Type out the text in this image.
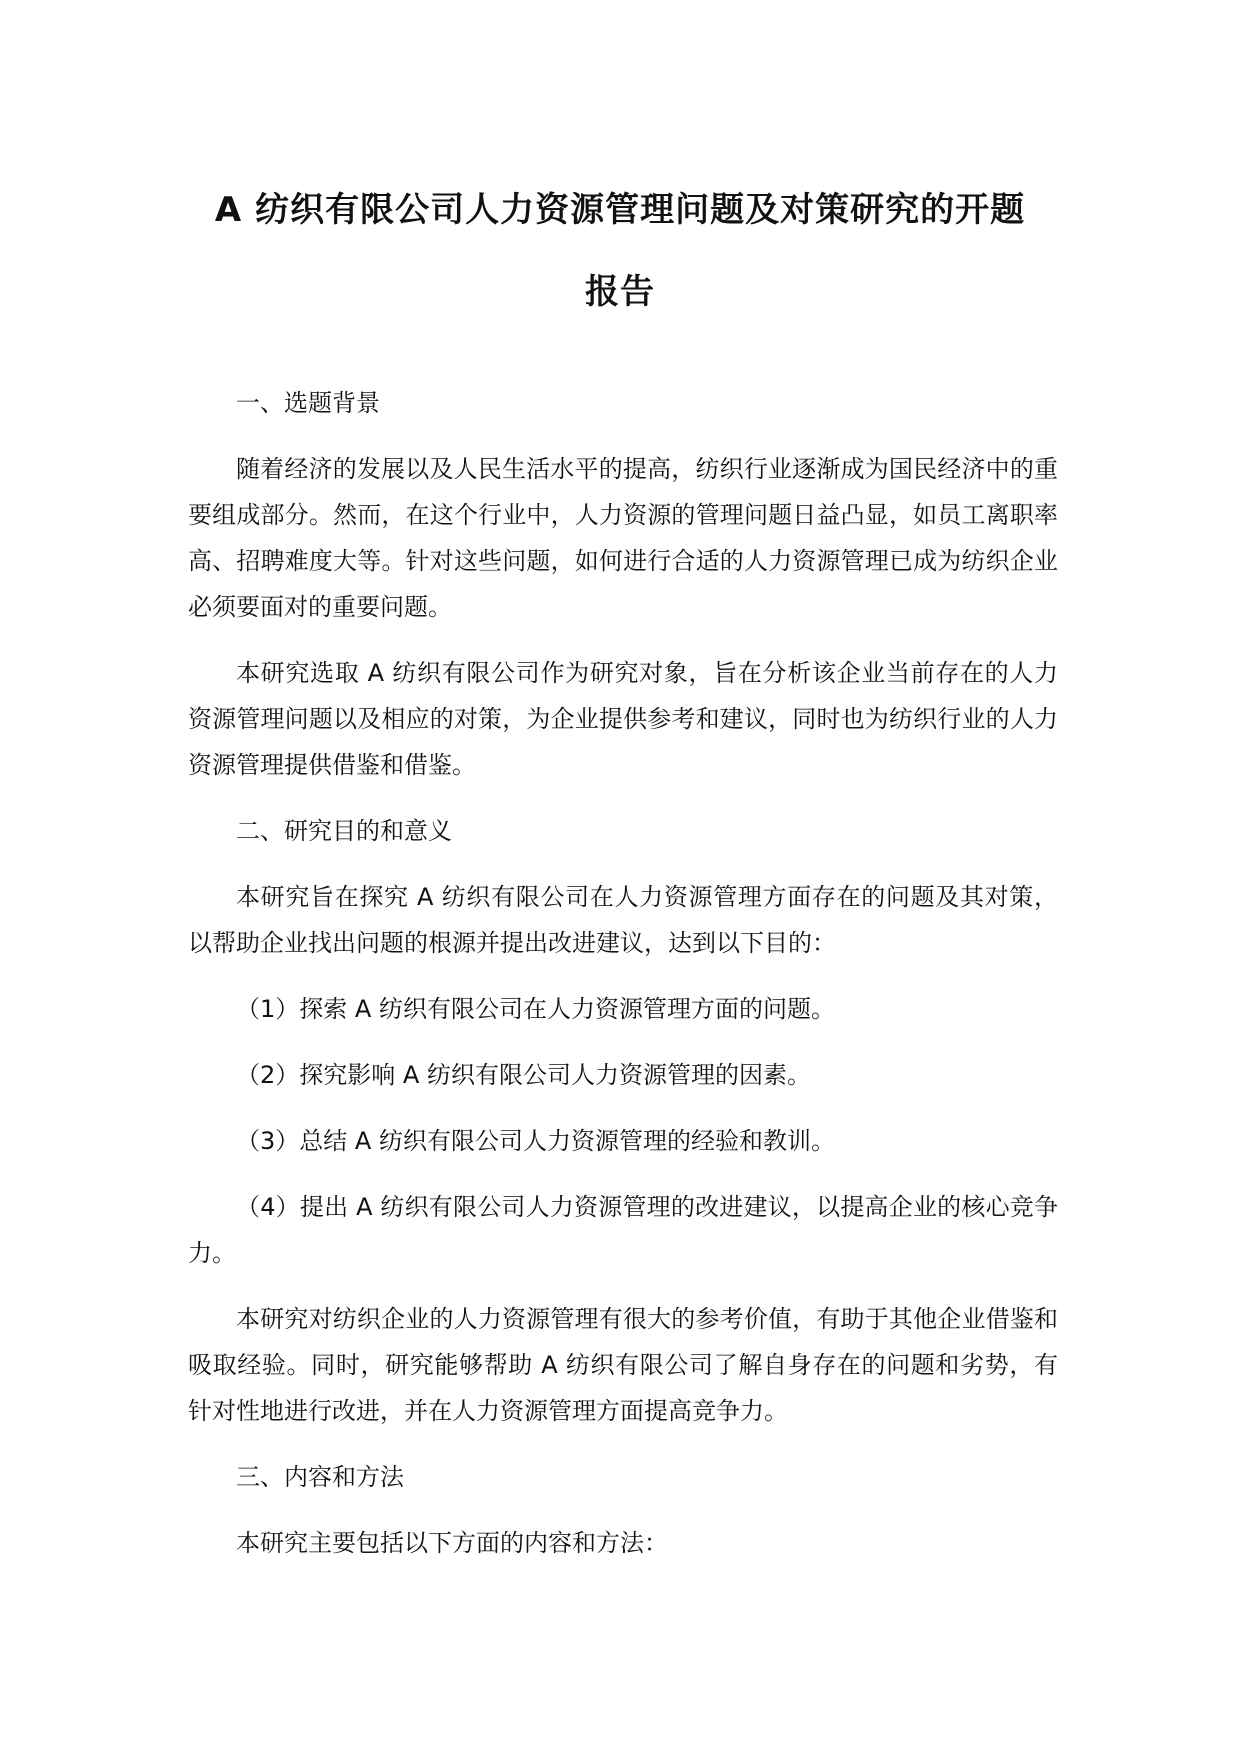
A 纺织有限公司人力资源管理问题及对策研究的开题
报告

一、选题背景

随着经济的发展以及人民生活水平的提高，纺织行业逐渐成为国民经济中的重要组成部分。然而，在这个行业中，人力资源的管理问题日益凸显，如员工离职率高、招聘难度大等。针对这些问题，如何进行合适的人力资源管理已成为纺织企业必须要面对的重要问题。

本研究选取 A 纺织有限公司作为研究对象，旨在分析该企业当前存在的人力资源管理问题以及相应的对策，为企业提供参考和建议，同时也为纺织行业的人力资源管理提供借鉴和借鉴。

二、研究目的和意义

本研究旨在探究 A 纺织有限公司在人力资源管理方面存在的问题及其对策，以帮助企业找出问题的根源并提出改进建议，达到以下目的：

（1）探索 A 纺织有限公司在人力资源管理方面的问题。

（2）探究影响 A 纺织有限公司人力资源管理的因素。

（3）总结 A 纺织有限公司人力资源管理的经验和教训。

（4）提出 A 纺织有限公司人力资源管理的改进建议，以提高企业的核心竞争力。

本研究对纺织企业的人力资源管理有很大的参考价值，有助于其他企业借鉴和吸取经验。同时，研究能够帮助 A 纺织有限公司了解自身存在的问题和劣势，有针对性地进行改进，并在人力资源管理方面提高竞争力。

三、内容和方法

本研究主要包括以下方面的内容和方法：
